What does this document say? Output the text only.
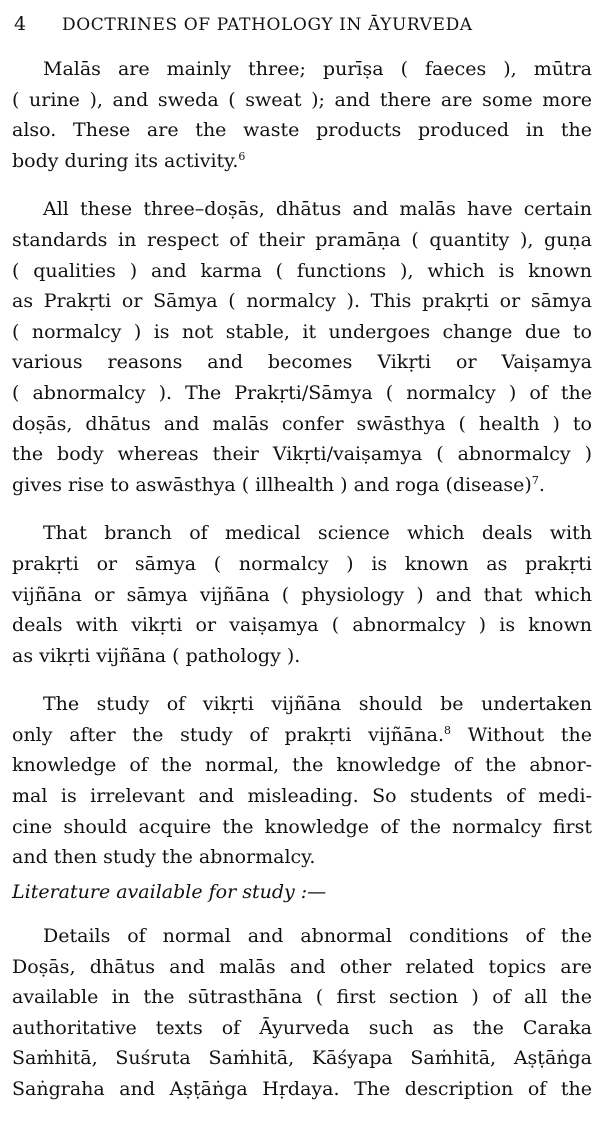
4 DOCTRINES OF PATHOLOGY IN ĀYURVEDA

Malās are mainly three; purīṣa ( faeces ), mūtra
( urine ), and sweda ( sweat ); and there are some more
also. These are the waste products produced in the
body during its activity.$^6$

All these three–doṣās, dhātus and malās have certain
standards in respect of their pramāṇa ( quantity ), guṇa
( qualities ) and karma ( functions ), which is known
as Prakṛti or Sāmya ( normalcy ). This prakṛti or sāmya
( normalcy ) is not stable, it undergoes change due to
various reasons and becomes Vikṛti or Vaiṣamya
( abnormalcy ). The Prakṛti/Sāmya ( normalcy ) of the
doṣās, dhātus and malās confer swāsthya ( health ) to
the body whereas their Vikṛti/vaiṣamya ( abnormalcy )
gives rise to aswāsthya ( illhealth ) and roga (disease)$^7$.

That branch of medical science which deals with
prakṛti or sāmya ( normalcy ) is known as prakṛti
vijñāna or sāmya vijñāna ( physiology ) and that which
deals with vikṛti or vaiṣamya ( abnormalcy ) is known
as vikṛti vijñāna ( pathology ).

The study of vikṛti vijñāna should be undertaken
only after the study of prakṛti vijñāna.$^8$ Without the
knowledge of the normal, the knowledge of the abnor-
mal is irrelevant and misleading. So students of medi-
cine should acquire the knowledge of the normalcy first
and then study the abnormalcy.

Literature available for study :—

Details of normal and abnormal conditions of the
Doṣās, dhātus and malās and other related topics are
available in the sūtrasthāna ( first section ) of all the
authoritative texts of Āyurveda such as the Caraka
Saṁhitā, Suśruta Saṁhitā, Kāśyapa Saṁhitā, Aṣṭāṅga
Saṅgraha and Aṣṭāṅga Hṛdaya. The description of the
